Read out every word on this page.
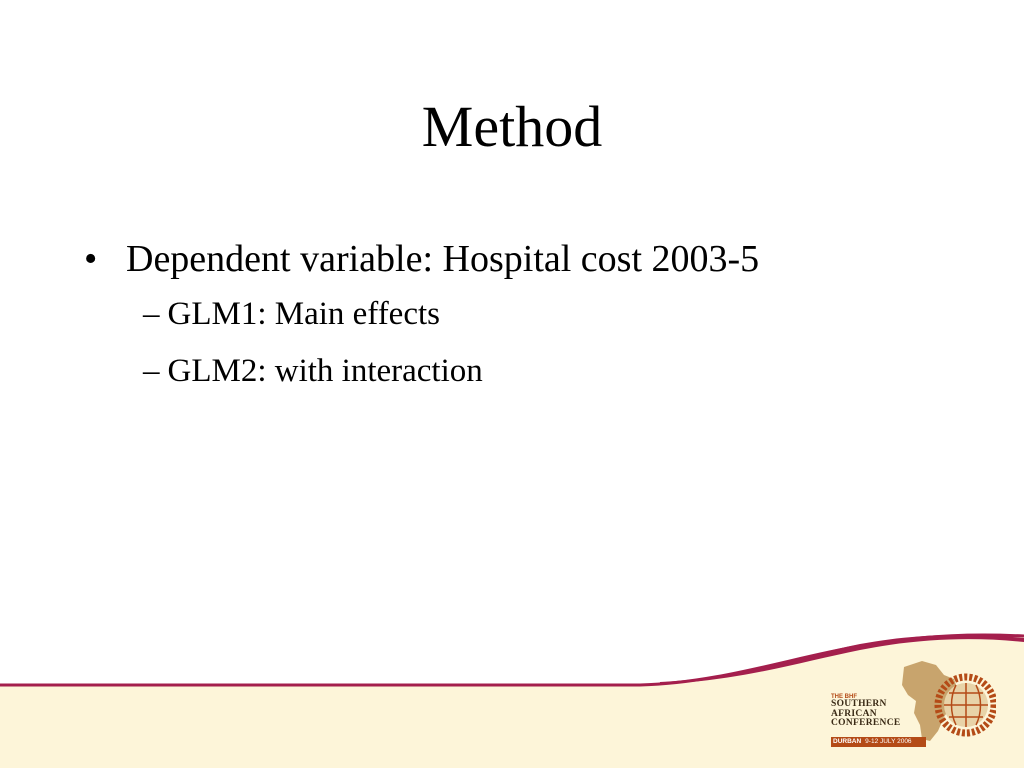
Method
• Dependent variable: Hospital cost 2003-5
– GLM1: Main effects
– GLM2: with interaction
THE BHF
SOUTHERN
AFRICAN
CONFERENCE
DURBAN 9-12 JULY 2006
